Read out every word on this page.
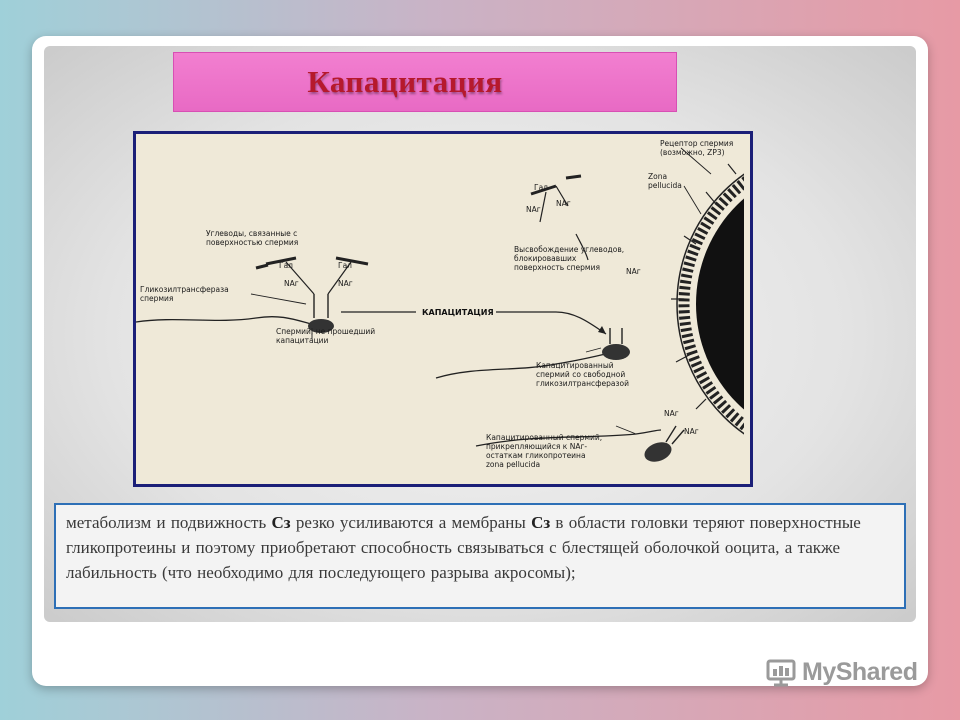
Капацитация
Углеводы, связанные с
поверхностью спермия
Гал	Гал
NAг	NAг
Гликозилтрансфераза
спермия
Спермий, не прошедший
капацитации
КАПАЦИТАЦИЯ
Высвобождение углеводов,
блокировавших
поверхность спермия
Гал
NAг
NAг
NAг
Рецептор спермия
(возможно, ZP3)
Zona
pellucida
Капацитированный
спермий со свободной
гликозилтрансферазой
Капацитированный спермий,
прикрепляющийся к NAг-
остаткам гликопротеина
zona pellucida
NAг
NAг

метаболизм и подвижность Сз резко усиливаются а мембраны Сз в области головки теряют поверхностные гликопротеины и поэтому приобретают способность связываться с блестящей оболочкой ооцита, а также лабильность (что необходимо для последующего разрыва акросомы);

MyShared
